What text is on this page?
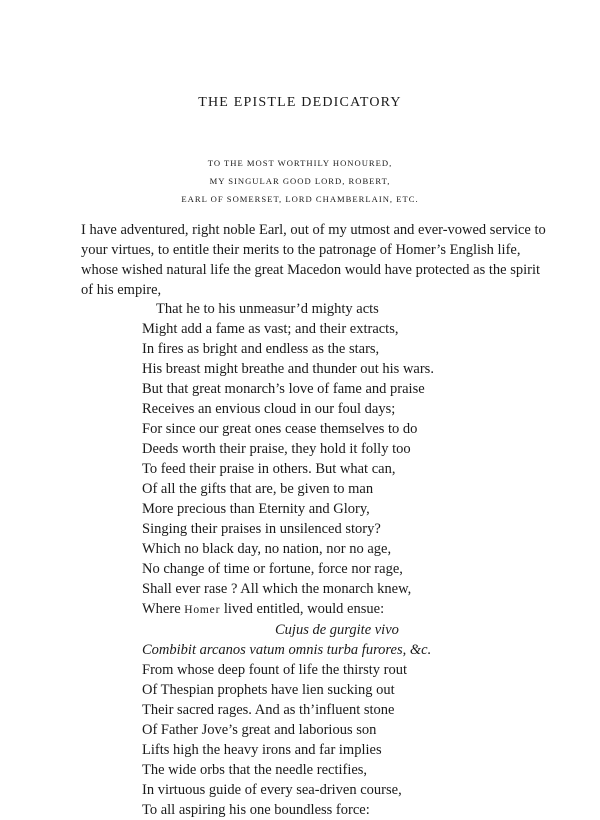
THE EPISTLE DEDICATORY
TO THE MOST WORTHILY HONOURED,
MY SINGULAR GOOD LORD, ROBERT,
EARL OF SOMERSET, LORD CHAMBERLAIN, ETC.
I have adventured, right noble Earl, out of my utmost and ever-vowed service to
your virtues, to entitle their merits to the patronage of Homer’s English life,
whose wished natural life the great Macedon would have protected as the spirit
of his empire,
That he to his unmeasur’d mighty acts
Might add a fame as vast; and their extracts,
In fires as bright and endless as the stars,
His breast might breathe and thunder out his wars.
But that great monarch’s love of fame and praise
Receives an envious cloud in our foul days;
For since our great ones cease themselves to do
Deeds worth their praise, they hold it folly too
To feed their praise in others. But what can,
Of all the gifts that are, be given to man
More precious than Eternity and Glory,
Singing their praises in unsilenced story?
Which no black day, no nation, nor no age,
No change of time or fortune, force nor rage,
Shall ever rase ? All which the monarch knew,
Where Homer lived entitled, would ensue:
Cujus de gurgite vivo
Combibit arcanos vatum omnis turba furores, &c.
From whose deep fount of life the thirsty rout
Of Thespian prophets have lien sucking out
Their sacred rages. And as th’influent stone
Of Father Jove’s great and laborious son
Lifts high the heavy irons and far implies
The wide orbs that the needle rectifies,
In virtuous guide of every sea-driven course,
To all aspiring his one boundless force:
